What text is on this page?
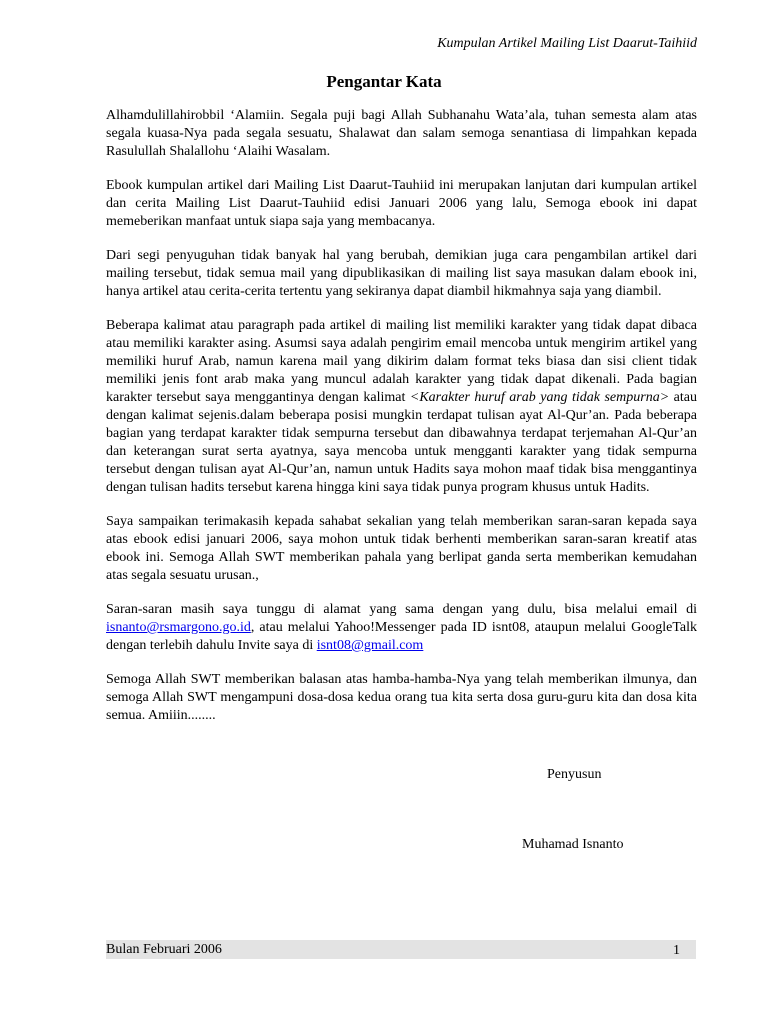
Kumpulan Artikel Mailing List Daarut-Taihiid
Pengantar Kata

Alhamdulillahirobbil ‘Alamiin. Segala puji bagi Allah Subhanahu Wata’ala, tuhan semesta alam atas segala kuasa-Nya pada segala sesuatu, Shalawat dan salam semoga senantiasa di limpahkan kepada Rasulullah Shalallohu ‘Alaihi Wasalam.

Ebook kumpulan artikel dari Mailing List Daarut-Tauhiid ini merupakan lanjutan dari kumpulan artikel dan cerita Mailing List Daarut-Tauhiid edisi Januari 2006 yang lalu, Semoga ebook ini dapat memeberikan manfaat untuk siapa saja yang membacanya.

Dari segi penyuguhan tidak banyak hal yang berubah, demikian juga cara pengambilan artikel dari mailing tersebut, tidak semua mail yang dipublikasikan di mailing list saya masukan dalam ebook ini, hanya artikel atau cerita-cerita tertentu yang sekiranya dapat diambil hikmahnya saja yang diambil.

Beberapa kalimat atau paragraph pada artikel di mailing list memiliki karakter yang tidak dapat dibaca atau memiliki karakter asing. Asumsi saya adalah pengirim email mencoba untuk mengirim artikel yang memiliki huruf Arab, namun karena mail yang dikirim dalam format teks biasa dan sisi client tidak memiliki jenis font arab maka yang muncul adalah karakter yang tidak dapat dikenali. Pada bagian karakter tersebut saya menggantinya dengan kalimat <Karakter huruf arab yang tidak sempurna> atau dengan kalimat sejenis.dalam beberapa posisi mungkin terdapat tulisan ayat Al-Qur’an. Pada beberapa bagian yang terdapat karakter tidak sempurna tersebut dan dibawahnya terdapat terjemahan Al-Qur’an dan keterangan surat serta ayatnya, saya mencoba untuk mengganti karakter yang tidak sempurna tersebut dengan tulisan ayat Al-Qur’an, namun untuk Hadits saya mohon maaf tidak bisa menggantinya dengan tulisan hadits tersebut karena hingga kini saya tidak punya program khusus untuk Hadits.

Saya sampaikan terimakasih kepada sahabat sekalian yang telah memberikan saran-saran kepada saya atas ebook edisi januari 2006, saya mohon untuk tidak berhenti memberikan saran-saran kreatif atas ebook ini. Semoga Allah SWT memberikan pahala yang berlipat ganda serta memberikan kemudahan atas segala sesuatu urusan.,

Saran-saran masih saya tunggu di alamat yang sama dengan yang dulu, bisa melalui email di isnanto@rsmargono.go.id, atau melalui Yahoo!Messenger pada ID isnt08, ataupun melalui GoogleTalk dengan terlebih dahulu Invite saya di isnt08@gmail.com

Semoga Allah SWT memberikan balasan atas hamba-hamba-Nya yang telah memberikan ilmunya, dan semoga Allah SWT mengampuni dosa-dosa kedua orang tua kita serta dosa guru-guru kita dan dosa kita semua. Amiiin........

Penyusun
Muhamad Isnanto
Bulan Februari 2006	1
